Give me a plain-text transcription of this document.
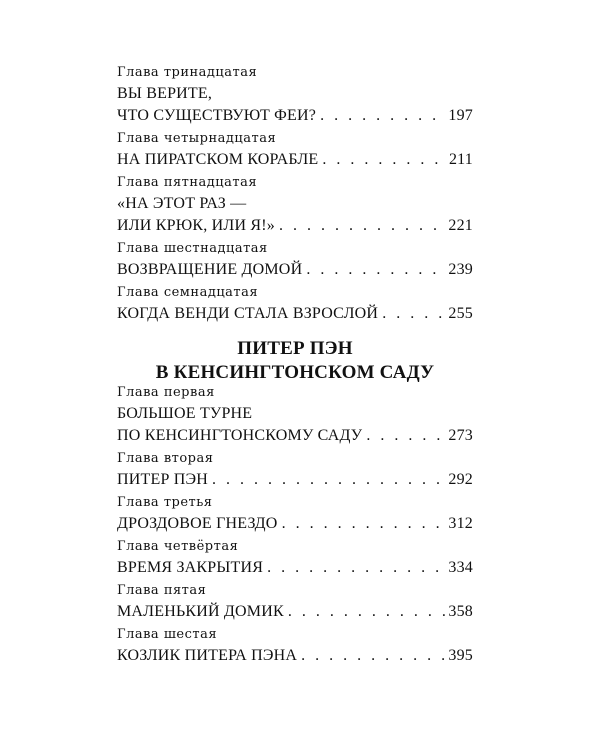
Глава тринадцатая
ВЫ ВЕРИТЕ,
ЧТО СУЩЕСТВУЮТ ФЕИ? . . .	197
Глава четырнадцатая
НА ПИРАТСКОМ КОРАБЛЕ . . .	211
Глава пятнадцатая
«НА ЭТОТ РАЗ —
ИЛИ КРЮК, ИЛИ Я!» . . .	221
Глава шестнадцатая
ВОЗВРАЩЕНИЕ ДОМОЙ . . .	239
Глава семнадцатая
КОГДА ВЕНДИ СТАЛА ВЗРОСЛОЙ . . .	255
ПИТЕР ПЭН
В КЕНСИНГТОНСКОМ САДУ
Глава первая
БОЛЬШОЕ ТУРНЕ
ПО КЕНСИНГТОНСКОМУ САДУ . . .	273
Глава вторая
ПИТЕР ПЭН . . .	292
Глава третья
ДРОЗДОВОЕ ГНЕЗДО . . .	312
Глава четвёртая
ВРЕМЯ ЗАКРЫТИЯ . . .	334
Глава пятая
МАЛЕНЬКИЙ ДОМИК . . .	358
Глава шестая
КОЗЛИК ПИТЕРА ПЭНА . . .	395
